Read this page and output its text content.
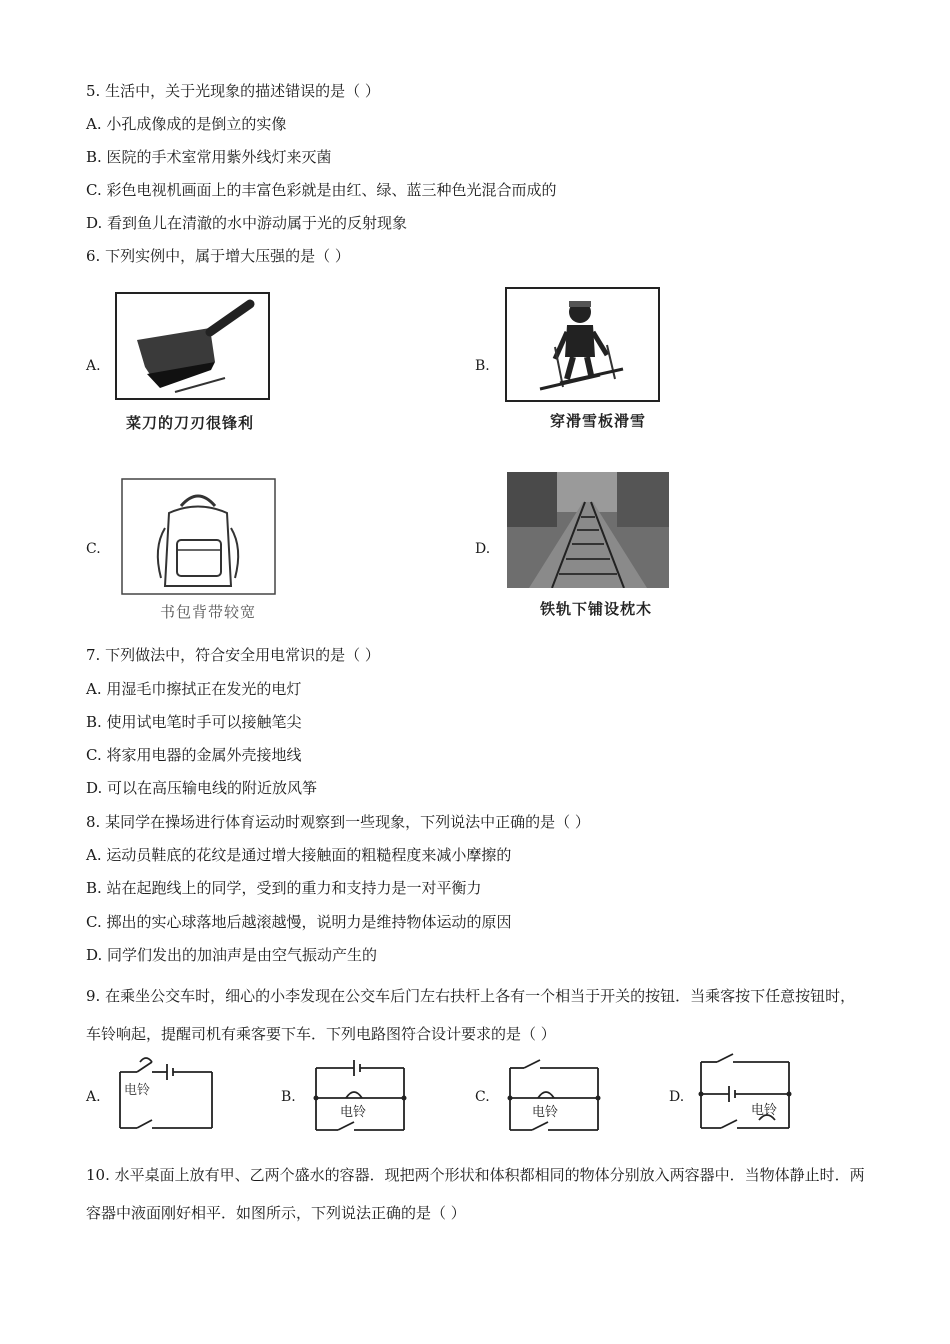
5. 生活中，关于光现象的描述错误的是（ ）
A. 小孔成像成的是倒立的实像
B. 医院的手术室常用紫外线灯来灭菌
C. 彩色电视机画面上的丰富色彩就是由红、绿、蓝三种色光混合而成的
D. 看到鱼儿在清澈的水中游动属于光的反射现象
6. 下列实例中，属于增大压强的是（ ）
A.
菜刀的刀刃很锋利
B.
穿滑雪板滑雪
C.
书包背带较宽
D.
铁轨下铺设枕木
7. 下列做法中，符合安全用电常识的是（ ）
A. 用湿毛巾擦拭正在发光的电灯
B. 使用试电笔时手可以接触笔尖
C. 将家用电器的金属外壳接地线
D. 可以在高压输电线的附近放风筝
8. 某同学在操场进行体育运动时观察到一些现象，下列说法中正确的是（ ）
A. 运动员鞋底的花纹是通过增大接触面的粗糙程度来减小摩擦的
B. 站在起跑线上的同学，受到的重力和支持力是一对平衡力
C. 掷出的实心球落地后越滚越慢，说明力是维持物体运动的原因
D. 同学们发出的加油声是由空气振动产生的
9. 在乘坐公交车时，细心的小李发现在公交车后门左右扶杆上各有一个相当于开关的按钮．当乘客按下任意按钮时，车铃响起，提醒司机有乘客要下车．下列电路图符合设计要求的是（ ）
A. 电铃	B.
电铃
C.
电铃
D.
电铃
10. 水平桌面上放有甲、乙两个盛水的容器．现把两个形状和体积都相同的物体分别放入两容器中．当物体静止时．两容器中液面刚好相平．如图所示，下列说法正确的是（ ）
